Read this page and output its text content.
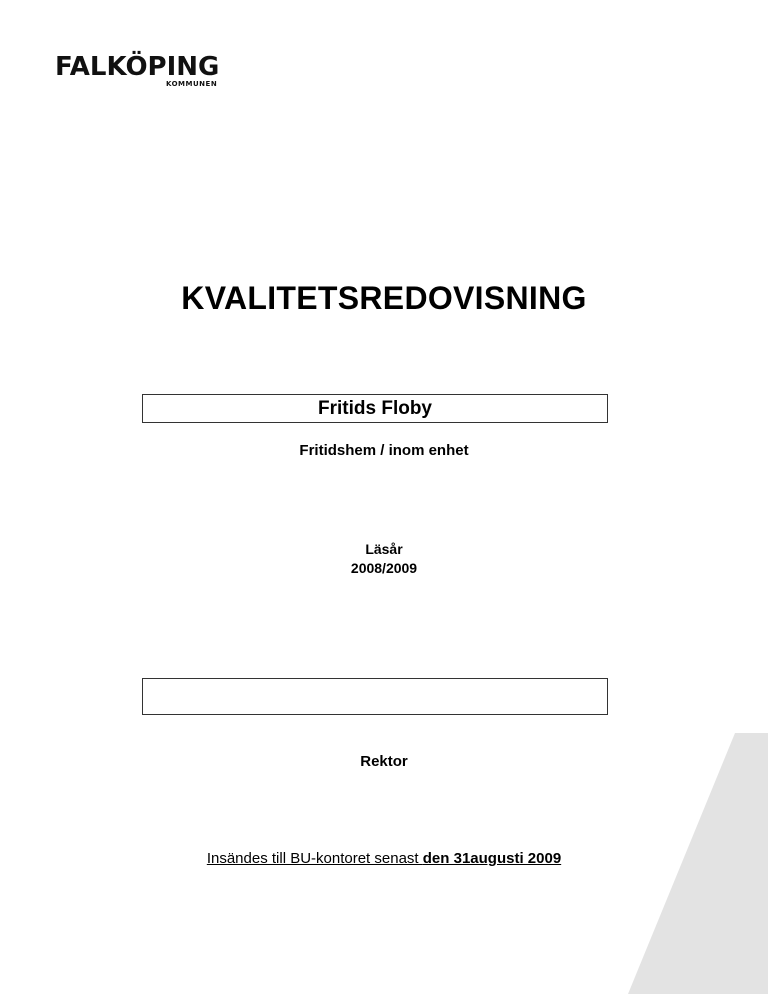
FALKÖPING
KOMMUNEN
KVALITETSREDOVISNING
Fritids Floby
Fritidshem / inom enhet
Läsår
2008/2009
Rektor
Insändes till BU-kontoret senast den 31augusti 2009
